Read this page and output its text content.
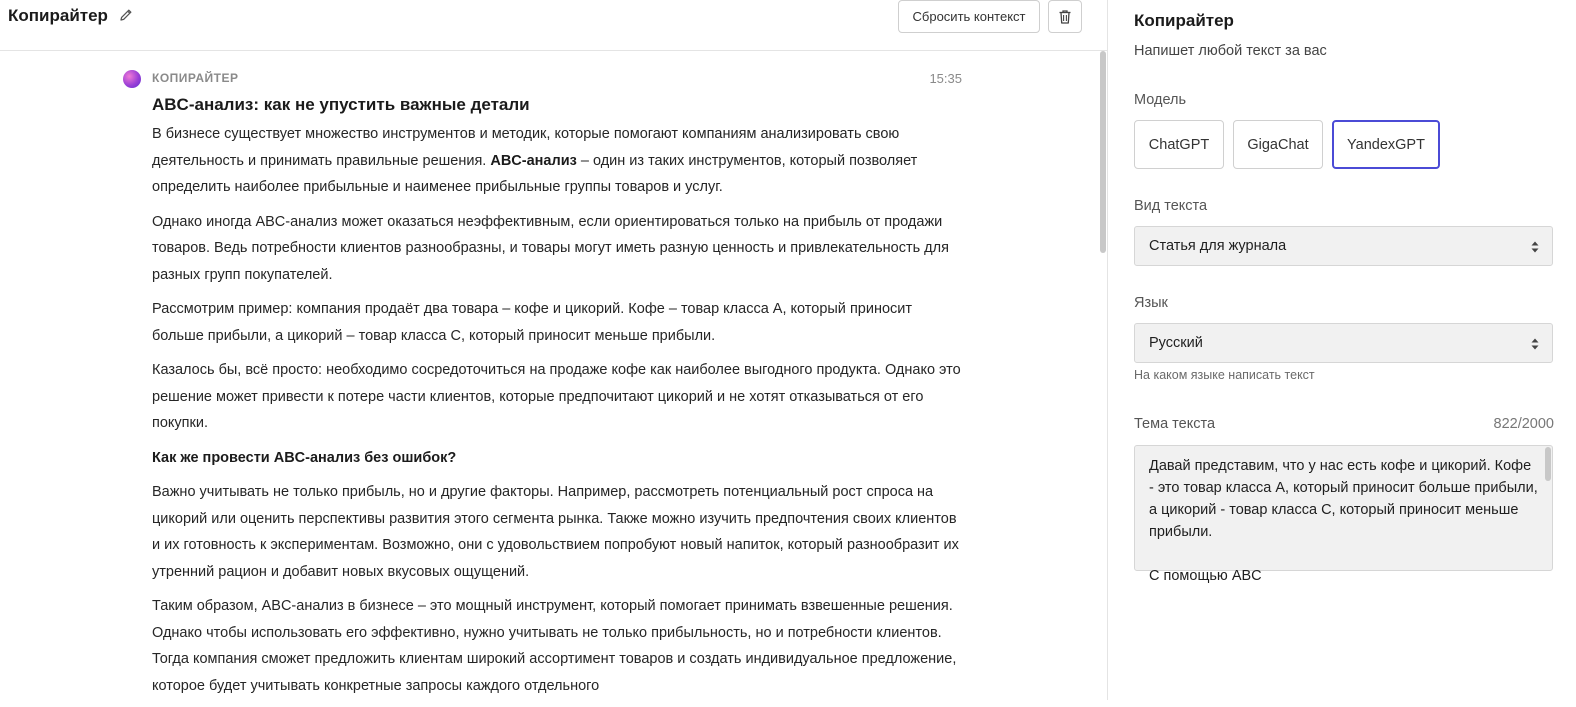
Копирайтер	Сбросить контекст
КОПИРАЙТЕР	15:35
ABC-анализ: как не упустить важные детали

В бизнесе существует множество инструментов и методик, которые помогают компаниям анализировать свою деятельность и принимать правильные решения. ABC-анализ – один из таких инструментов, который позволяет определить наиболее прибыльные и наименее прибыльные группы товаров и услуг.

Однако иногда ABC-анализ может оказаться неэффективным, если ориентироваться только на прибыль от продажи товаров. Ведь потребности клиентов разнообразны, и товары могут иметь разную ценность и привлекательность для разных групп покупателей.

Рассмотрим пример: компания продаёт два товара – кофе и цикорий. Кофе – товар класса A, который приносит больше прибыли, а цикорий – товар класса C, который приносит меньше прибыли.

Казалось бы, всё просто: необходимо сосредоточиться на продаже кофе как наиболее выгодного продукта. Однако это решение может привести к потере части клиентов, которые предпочитают цикорий и не хотят отказываться от его покупки.

Как же провести ABC-анализ без ошибок?

Важно учитывать не только прибыль, но и другие факторы. Например, рассмотреть потенциальный рост спроса на цикорий или оценить перспективы развития этого сегмента рынка. Также можно изучить предпочтения своих клиентов и их готовность к экспериментам. Возможно, они с удовольствием попробуют новый напиток, который разнообразит их утренний рацион и добавит новых вкусовых ощущений.

Таким образом, ABC-анализ в бизнесе – это мощный инструмент, который помогает принимать взвешенные решения. Однако чтобы использовать его эффективно, нужно учитывать не только прибыльность, но и потребности клиентов. Тогда компания сможет предложить клиентам широкий ассортимент товаров и создать индивидуальное предложение, которое будет учитывать конкретные запросы каждого отдельного

Копирайтер
Напишет любой текст за вас
Модель
ChatGPT	GigaChat	YandexGPT
Вид текста
Статья для журнала
Язык
Русский
На каком языке написать текст
Тема текста	822/2000
Давай представим, что у нас есть кофе и цикорий. Кофе - это товар класса А, который приносит больше прибыли, а цикорий - товар класса С, который приносит меньше прибыли.

С помощью ABC
